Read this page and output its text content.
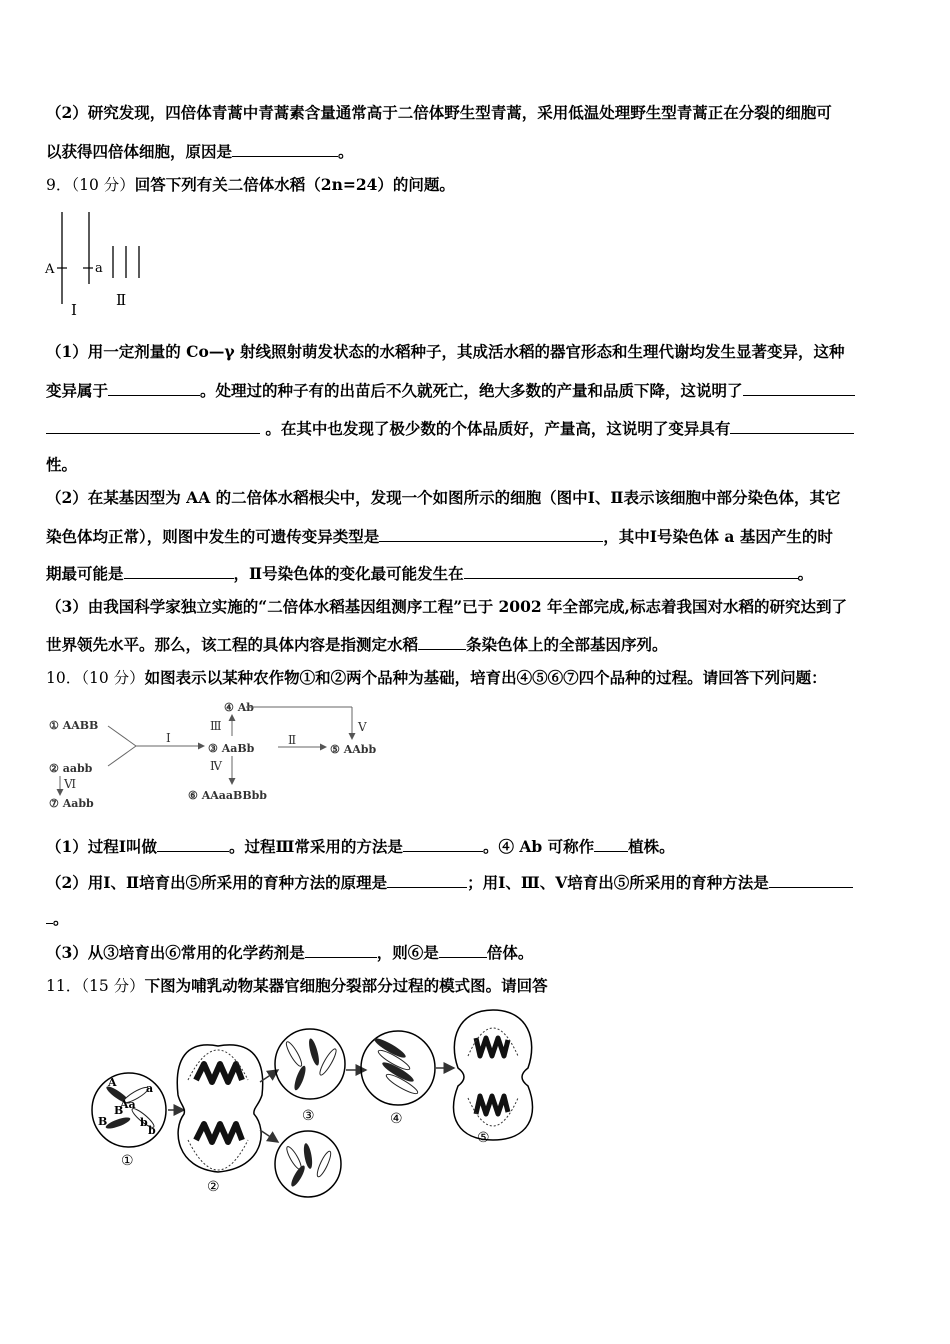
（2）研究发现，四倍体青蒿中青蒿素含量通常高于二倍体野生型青蒿，采用低温处理野生型青蒿正在分裂的细胞可
以获得四倍体细胞，原因是	。
9．（10 分）回答下列有关二倍体水稻（2n=24）的问题。
A	a
Ⅰ
Ⅱ
（1）用一定剂量的 Co—γ 射线照射萌发状态的水稻种子，其成活水稻的器官形态和生理代谢均发生显著变异，这种
变异属于	。处理过的种子有的出苗后不久就死亡，绝大多数的产量和品质下降，这说明了
。在其中也发现了极少数的个体品质好，产量高，这说明了变异具有
性。
（2）在某基因型为 AA 的二倍体水稻根尖中，发现一个如图所示的细胞（图中Ⅰ、Ⅱ表示该细胞中部分染色体，其它
染色体均正常），则图中发生的可遗传变异类型是	，其中Ⅰ号染色体 a 基因产生的时
期最可能是	，Ⅱ号染色体的变化最可能发生在	。
（3）由我国科学家独立实施的“二倍体水稻基因组测序工程”已于 2002 年全部完成,标志着我国对水稻的研究达到了
世界领先水平。那么，该工程的具体内容是指测定水稻	条染色体上的全部基因序列。
10．（10 分）如图表示以某种农作物①和②两个品种为基础，培育出④⑤⑥⑦四个品种的过程。请回答下列问题：
① AABB
② aabb
⑦ Aabb
④ Ab
③ AaBb	⑤ AAbb
⑥ AAaaBBbb
Ⅰ	Ⅱ
Ⅲ
Ⅳ
Ⅴ
Ⅵ
（1）过程Ⅰ叫做	。过程Ⅲ常采用的方法是	。④ Ab 可称作 植株。
（2）用Ⅰ、Ⅱ培育出⑤所采用的育种方法的原理是	；用Ⅰ、Ⅲ、Ⅴ培育出⑤所采用的育种方法是
。
（3）从③培育出⑥常用的化学药剂是	，则⑥是	倍体。
11．（15 分）下图为哺乳动物某器官细胞分裂部分过程的模式图。请回答
A	a
Aa
B
B	b
b
①
②
③	④
⑤
